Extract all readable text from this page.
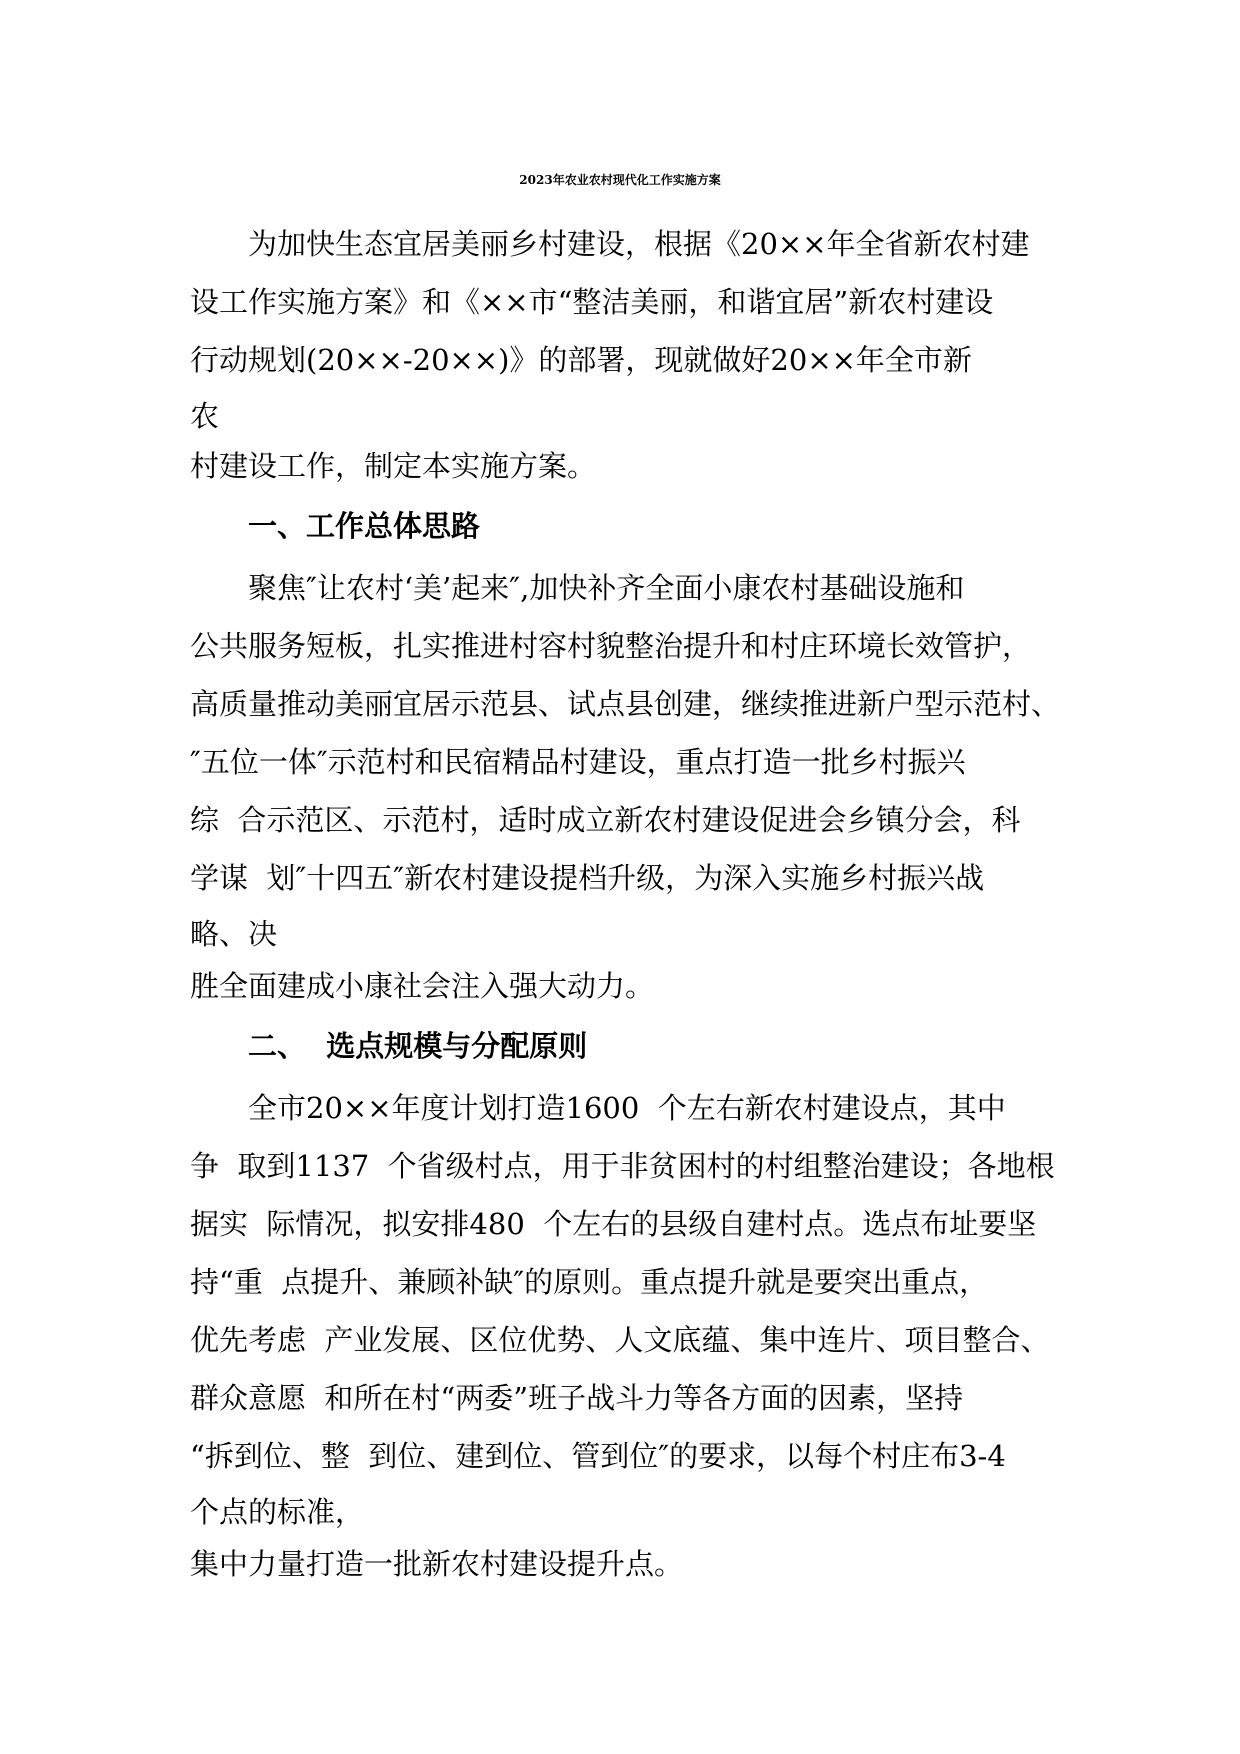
2023年农业农村现代化工作实施方案
为加快生态宜居美丽乡村建设，根据《20××年全省新农村建
设工作实施方案》和《××市“整洁美丽，和谐宜居”新农村建设
行动规划(20××-20××)》的部署，现就做好20××年全市新
农
村建设工作，制定本实施方案。
一、工作总体思路
聚焦″让农村‘美’起来″,加快补齐全面小康农村基础设施和
公共服务短板，扎实推进村容村貌整治提升和村庄环境长效管护，
高质量推动美丽宜居示范县、试点县创建，继续推进新户型示范村、
″五位一体″示范村和民宿精品村建设，重点打造一批乡村振兴
综  合示范区、示范村，适时成立新农村建设促进会乡镇分会，科
学谋  划″十四五″新农村建设提档升级，为深入实施乡村振兴战
略、决
胜全面建成小康社会注入强大动力。
二、  选点规模与分配原则
全市20××年度计划打造1600  个左右新农村建设点，其中
争  取到1137  个省级村点，用于非贫困村的村组整治建设；各地根
据实  际情况，拟安排480  个左右的县级自建村点。选点布址要坚
持“重  点提升、兼顾补缺″的原则。重点提升就是要突出重点，
优先考虑  产业发展、区位优势、人文底蕴、集中连片、项目整合、
群众意愿  和所在村“两委”班子战斗力等各方面的因素，坚持
“拆到位、整  到位、建到位、管到位″的要求，以每个村庄布3-4
个点的标准，
集中力量打造一批新农村建设提升点。
